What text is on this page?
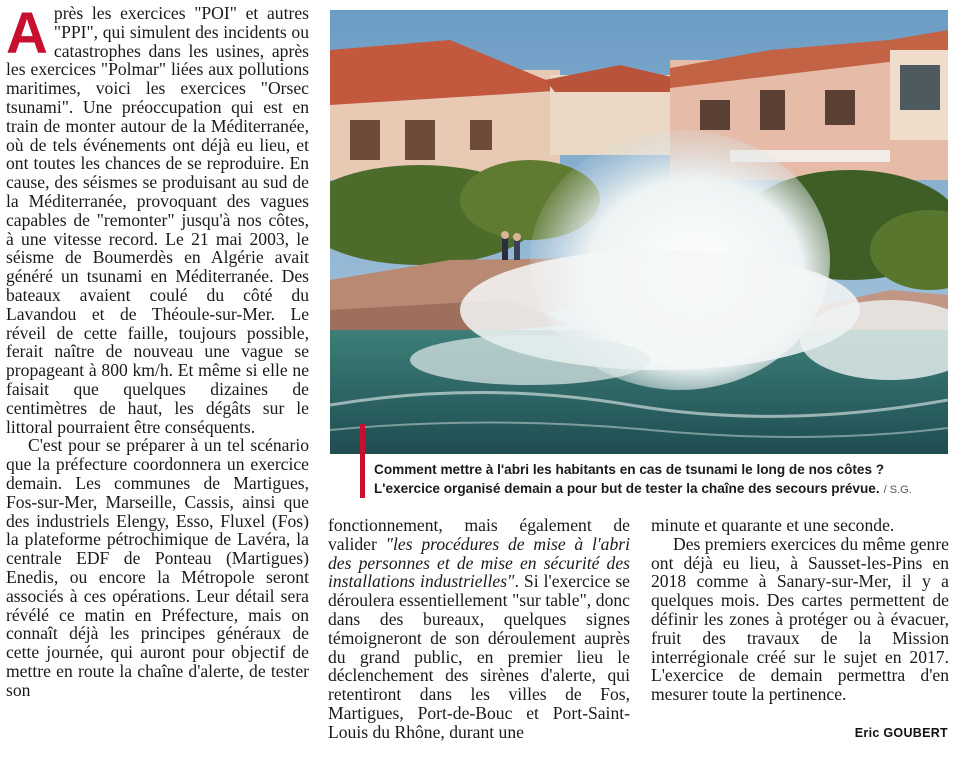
Après les exercices "POI" et autres "PPI", qui simulent des incidents ou catastrophes dans les usines, après les exercices "Polmar" liées aux pollutions maritimes, voici les exercices "Orsec tsunami". Une préoccupation qui est en train de monter autour de la Méditerranée, où de tels événements ont déjà eu lieu, et ont toutes les chances de se reproduire. En cause, des séismes se produisant au sud de la Méditerranée, provoquant des vagues capables de "remonter" jusqu'à nos côtes, à une vitesse record. Le 21 mai 2003, le séisme de Boumerdès en Algérie avait généré un tsunami en Méditerranée. Des bateaux avaient coulé du côté du Lavandou et de Théoule-sur-Mer. Le réveil de cette faille, toujours possible, ferait naître de nouveau une vague se propageant à 800 km/h. Et même si elle ne faisait que quelques dizaines de centimètres de haut, les dégâts sur le littoral pourraient être conséquents.

C'est pour se préparer à un tel scénario que la préfecture coordonnera un exercice demain. Les communes de Martigues, Fos-sur-Mer, Marseille, Cassis, ainsi que des industriels Elengy, Esso, Fluxel (Fos) la plateforme pétrochimique de Lavéra, la centrale EDF de Ponteau (Martigues) Enedis, ou encore la Métropole seront associés à ces opérations. Leur détail sera révélé ce matin en Préfecture, mais on connaît déjà les principes généraux de cette journée, qui auront pour objectif de mettre en route la chaîne d'alerte, de tester son

fonctionnement, mais également de valider "les procédures de mise à l'abri des personnes et de mise en sécurité des installations industrielles". Si l'exercice se déroulera essentiellement "sur table", donc dans des bureaux, quelques signes témoigneront de son déroulement auprès du grand public, en premier lieu le déclenchement des sirènes d'alerte, qui retentiront dans les villes de Fos, Martigues, Port-de-Bouc et Port-Saint-Louis du Rhône, durant une

minute et quarante et une seconde.

Des premiers exercices du même genre ont déjà eu lieu, à Sausset-les-Pins en 2018 comme à Sanary-sur-Mer, il y a quelques mois. Des cartes permettent de définir les zones à protéger ou à évacuer, fruit des travaux de la Mission interrégionale créé sur le sujet en 2017. L'exercice de demain permettra d'en mesurer toute la pertinence.

Comment mettre à l'abri les habitants en cas de tsunami le long de nos côtes ?
L'exercice organisé demain a pour but de tester la chaîne des secours prévue. / S.G.
Eric GOUBERT
